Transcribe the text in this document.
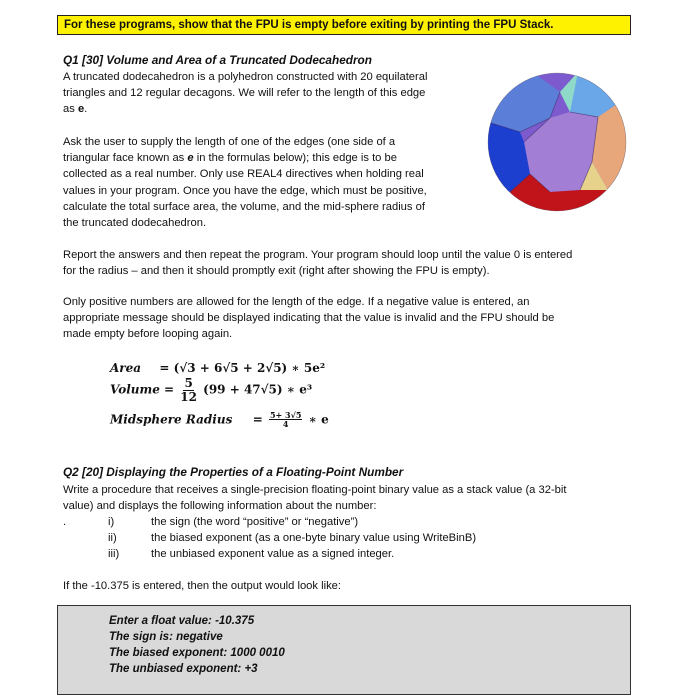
For these programs, show that the FPU is empty before exiting by printing the FPU Stack.
Q1 [30] Volume and Area of a Truncated Dodecahedron
A truncated dodecahedron is a polyhedron constructed with 20 equilateral
triangles and 12 regular decagons. We will refer to the length of this edge
as e.
Ask the user to supply the length of one of the edges (one side of a
triangular face known as e in the formulas below); this edge is to be
collected as a real number. Only use REAL4 directives when holding real
values in your program. Once you have the edge, which must be positive,
calculate the total surface area, the volume, and the mid-sphere radius of
the truncated dodecahedron.
Report the answers and then repeat the program. Your program should loop until the value 0 is entered
for the radius – and then it should promptly exit (right after showing the FPU is empty).
Only positive numbers are allowed for the length of the edge. If a negative value is entered, an
appropriate message should be displayed indicating that the value is invalid and the FPU should be
made empty before looping again.
Area = (√3 + 6√5 + 2√5) ∗ 5e²
Volume = $\frac{5}{12} (99 + 47√5)$ ∗ e³
Midsphere Radius = $\frac{5+ 3√5}{4}$ ∗ e
Q2 [20] Displaying the Properties of a Floating-Point Number
Write a procedure that receives a single-precision floating-point binary value as a stack value (a 32-bit
value) and displays the following information about the number:
.	i)	the sign (the word “positive” or “negative”)
ii)	the biased exponent (as a one-byte binary value using WriteBinB)
iii)	the unbiased exponent value as a signed integer.
If the -10.375 is entered, then the output would look like:
Enter a float value: -10.375
The sign is: negative
The biased exponent: 1000 0010
The unbiased exponent: +3
